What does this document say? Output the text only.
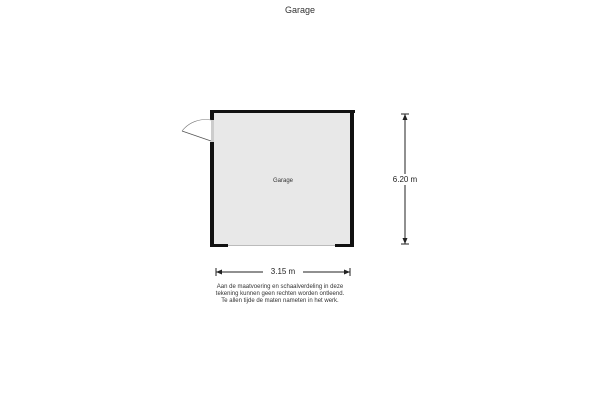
Garage
Garage	6.20 m
3.15 m
Aan de maatvoering en schaalverdeling in deze
tekening kunnen geen rechten worden ontleend.
Te allen tijde de maten nameten in het werk.
